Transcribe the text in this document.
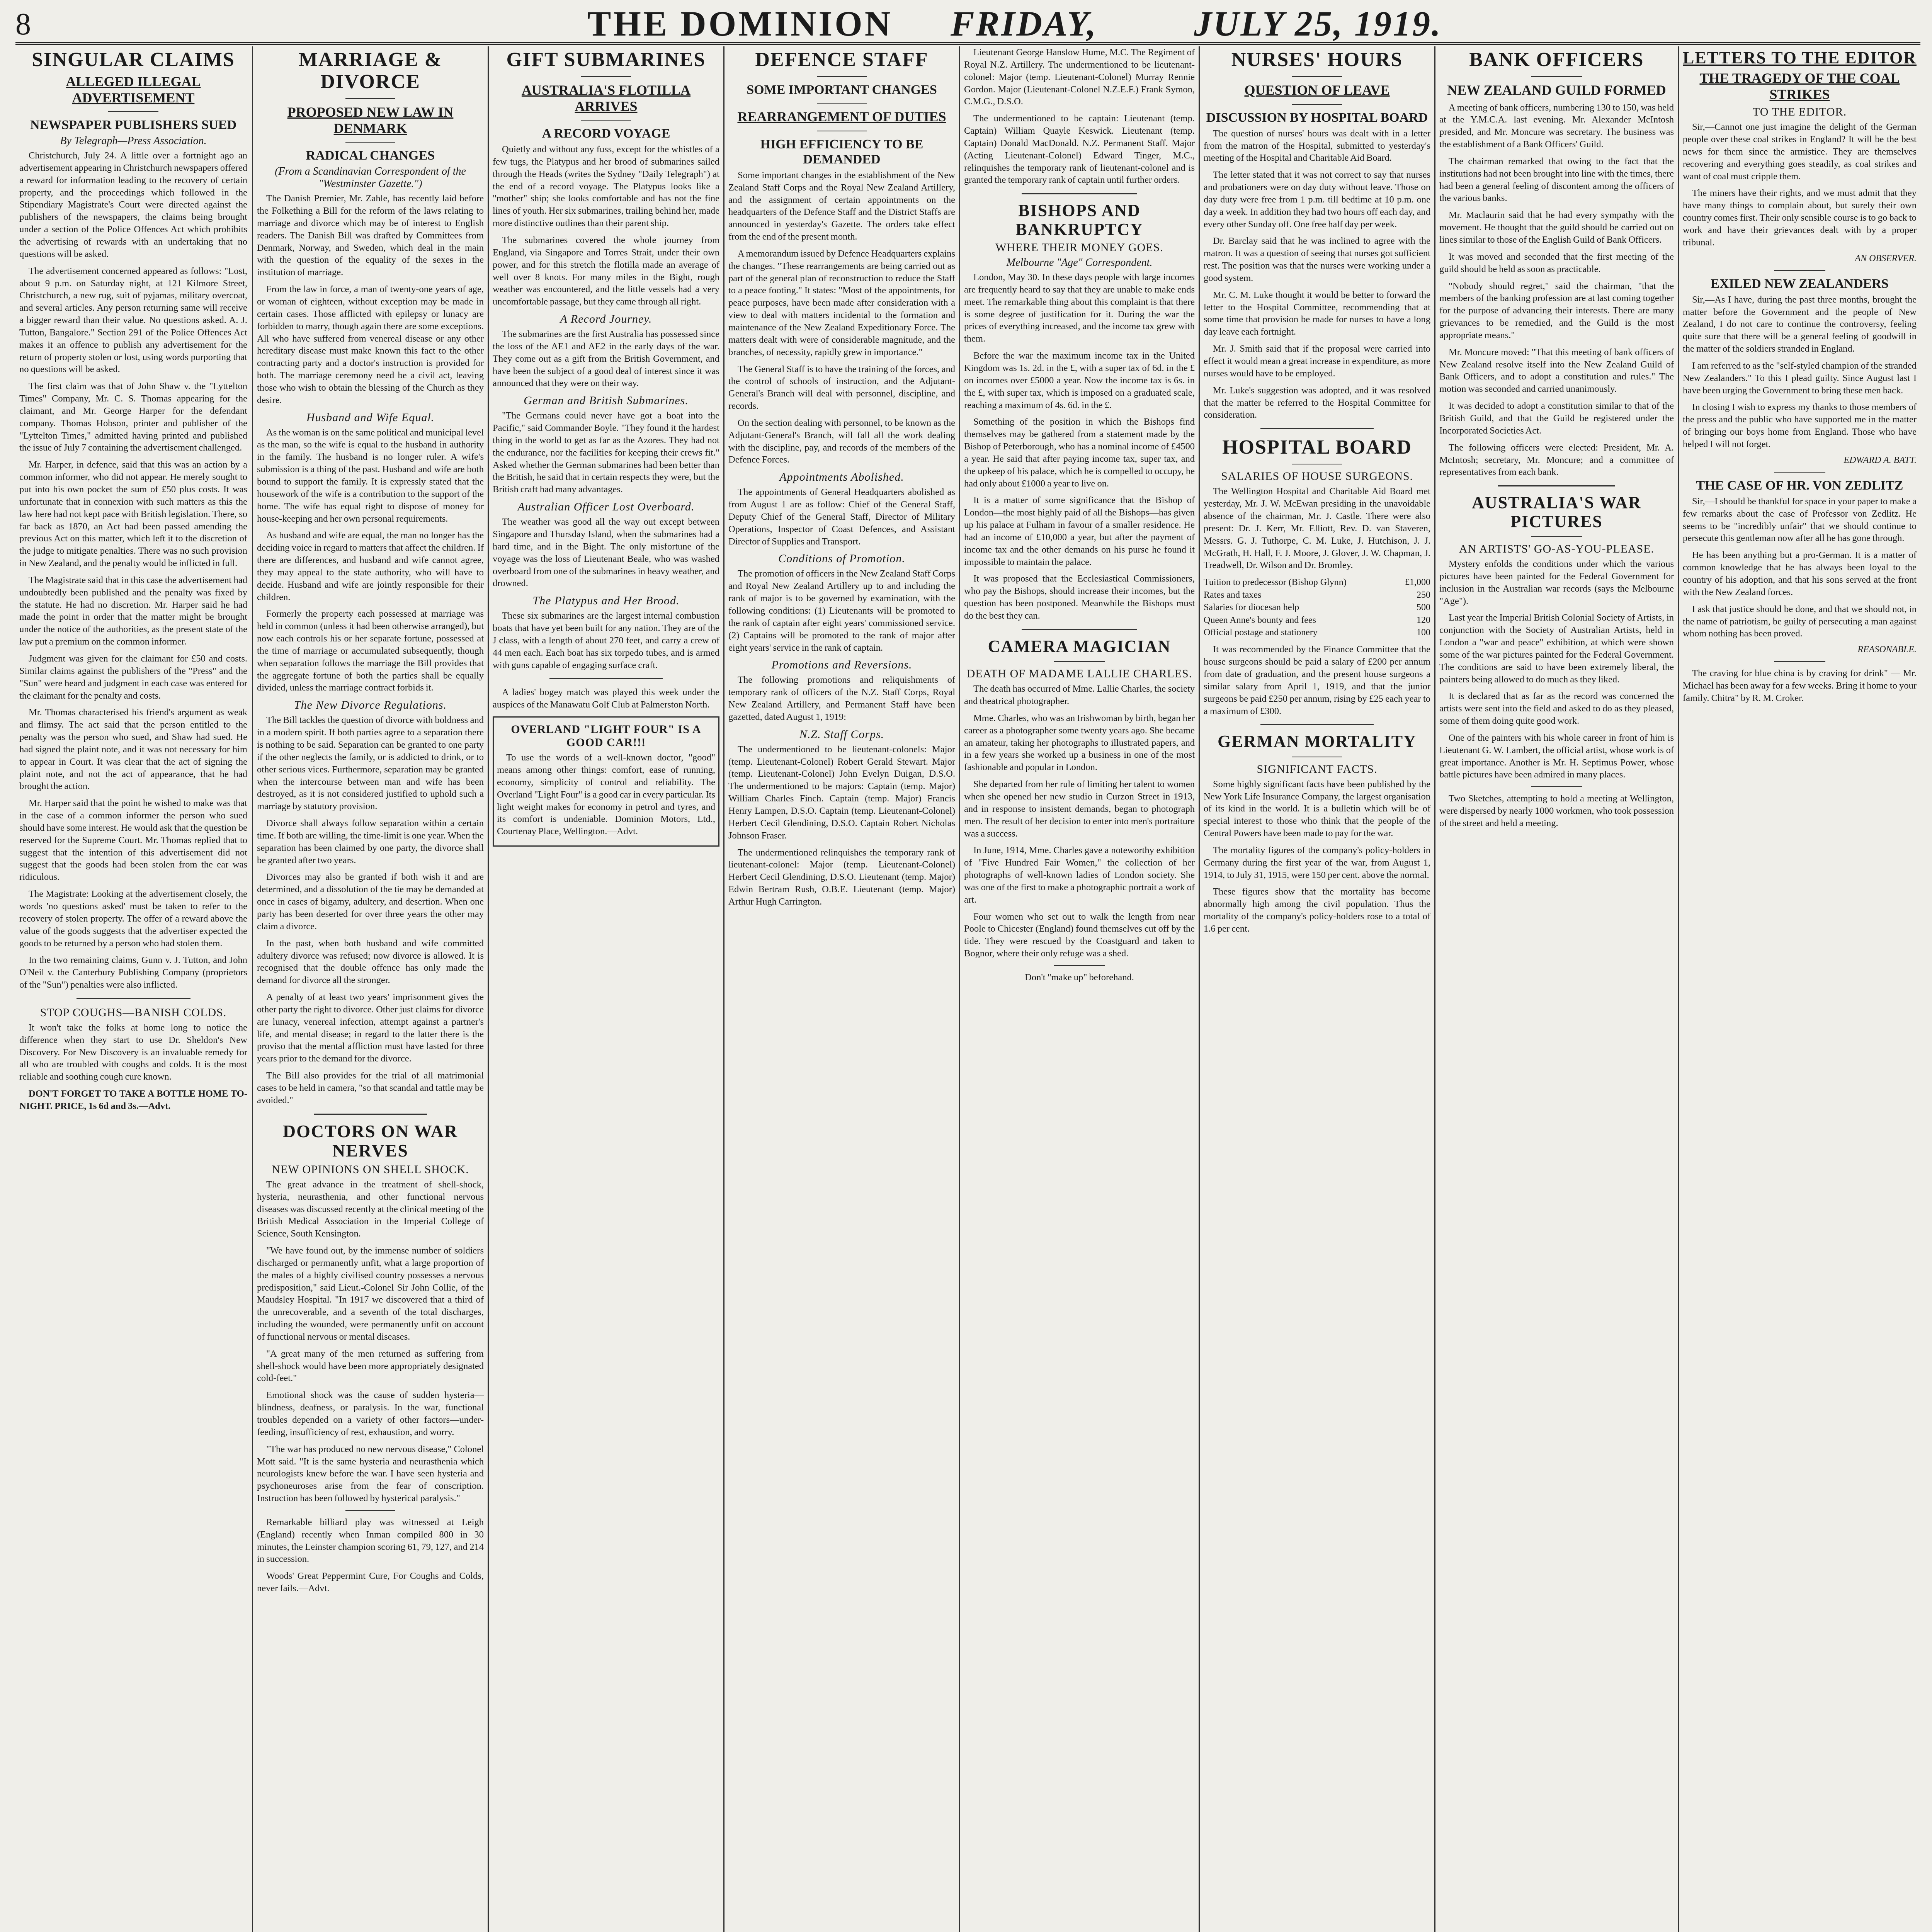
8	THE DOMINION FRIDAY,	JULY 25, 1919.
SINGULAR CLAIMS
ALLEGED ILLEGAL ADVERTISEMENT
NEWSPAPER PUBLISHERS SUED
By Telegraph—Press Association.

Christchurch, July 24. A little over a fortnight ago an advertisement appearing in Christchurch newspapers offered a reward for information leading to the recovery of certain property, and the proceedings which followed in the Stipendiary Magistrate's Court were directed against the publishers of the newspapers, the claims being brought under a section of the Police Offences Act which prohibits the advertising of rewards with an undertaking that no questions will be asked.

The advertisement concerned appeared as follows: "Lost, about 9 p.m. on Saturday night, at 121 Kilmore Street, Christchurch, a new rug, suit of pyjamas, military overcoat, and several articles. Any person returning same will receive a bigger reward than their value. No questions asked. A. J. Tutton, Bangalore." Section 291 of the Police Offences Act makes it an offence to publish any advertisement for the return of property stolen or lost, using words purporting that no questions will be asked.

The first claim was that of John Shaw v. the "Lyttelton Times" Company, Mr. C. S. Thomas appearing for the claimant, and Mr. George Harper for the defendant company. Thomas Hobson, printer and publisher of the "Lyttelton Times," admitted having printed and published the issue of July 7 containing the advertisement challenged.

Mr. Harper, in defence, said that this was an action by a common informer, who did not appear. He merely sought to put into his own pocket the sum of £50 plus costs. It was unfortunate that in connexion with such matters as this the law here had not kept pace with British legislation. There, so far back as 1870, an Act had been passed amending the previous Act on this matter, which left it to the discretion of the judge to mitigate penalties. There was no such provision in New Zealand, and the penalty would be inflicted in full.

The Magistrate said that in this case the advertisement had undoubtedly been published and the penalty was fixed by the statute. He had no discretion. Mr. Harper said he had made the point in order that the matter might be brought under the notice of the authorities, as the present state of the law put a premium on the common informer.

Judgment was given for the claimant for £50 and costs. Similar claims against the publishers of the "Press" and the "Sun" were heard and judgment in each case was entered for the claimant for the penalty and costs.

Mr. Thomas characterised his friend's argument as weak and flimsy. The act said that the person entitled to the penalty was the person who sued, and Shaw had sued. He had signed the plaint note, and it was not necessary for him to appear in Court. It was clear that the act of signing the plaint note, and not the act of appearance, that he had brought the action.

Mr. Harper said that the point he wished to make was that in the case of a common informer the person who sued should have some interest. He would ask that the question be reserved for the Supreme Court. Mr. Thomas replied that to suggest that the intention of this advertisement did not suggest that the goods had been stolen from the ear was ridiculous.

The Magistrate: Looking at the advertisement closely, the words 'no questions asked' must be taken to refer to the recovery of stolen property. The offer of a reward above the value of the goods suggests that the advertiser expected the goods to be returned by a person who had stolen them.

In the two remaining claims, Gunn v. J. Tutton, and John O'Neil v. the Canterbury Publishing Company (proprietors of the "Sun") penalties were also inflicted.

STOP COUGHS—BANISH COLDS.

It won't take the folks at home long to notice the difference when they start to use Dr. Sheldon's New Discovery. For New Discovery is an invaluable remedy for all who are troubled with coughs and colds. It is the most reliable and soothing cough cure known.

DON'T FORGET TO TAKE A BOTTLE HOME TO-NIGHT. PRICE, 1s 6d and 3s.—Advt.

MARRIAGE & DIVORCE
PROPOSED NEW LAW IN DENMARK
RADICAL CHANGES
(From a Scandinavian Correspondent of the "Westminster Gazette.")

The Danish Premier, Mr. Zahle, has recently laid before the Folkething a Bill for the reform of the laws relating to marriage and divorce which may be of interest to English readers. The Danish Bill was drafted by Committees from Denmark, Norway, and Sweden, which deal in the main with the question of the equality of the sexes in the institution of marriage.

From the law in force, a man of twenty-one years of age, or woman of eighteen, without exception may be made in certain cases. Those afflicted with epilepsy or lunacy are forbidden to marry, though again there are some exceptions. All who have suffered from venereal disease or any other hereditary disease must make known this fact to the other contracting party and a doctor's instruction is provided for both. The marriage ceremony need be a civil act, leaving those who wish to obtain the blessing of the Church as they desire.

Husband and Wife Equal.

As the woman is on the same political and municipal level as the man, so the wife is equal to the husband in authority in the family. The husband is no longer ruler. A wife's submission is a thing of the past. Husband and wife are both bound to support the family. It is expressly stated that the housework of the wife is a contribution to the support of the home. The wife has equal right to dispose of money for house-keeping and her own personal requirements.

As husband and wife are equal, the man no longer has the deciding voice in regard to matters that affect the children. If there are differences, and husband and wife cannot agree, they may appeal to the state authority, who will have to decide. Husband and wife are jointly responsible for their children.

Formerly the property each possessed at marriage was held in common (unless it had been otherwise arranged), but now each controls his or her separate fortune, possessed at the time of marriage or accumulated subsequently, though when separation follows the marriage the Bill provides that the aggregate fortune of both the parties shall be equally divided, unless the marriage contract forbids it.

The New Divorce Regulations.

The Bill tackles the question of divorce with boldness and in a modern spirit. If both parties agree to a separation there is nothing to be said. Separation can be granted to one party if the other neglects the family, or is addicted to drink, or to other serious vices. Furthermore, separation may be granted when the intercourse between man and wife has been destroyed, as it is not considered justified to uphold such a marriage by statutory provision.

Divorce shall always follow separation within a certain time. If both are willing, the time-limit is one year. When the separation has been claimed by one party, the divorce shall be granted after two years.

Divorces may also be granted if both wish it and are determined, and a dissolution of the tie may be demanded at once in cases of bigamy, adultery, and desertion. When one party has been deserted for over three years the other may claim a divorce.

In the past, when both husband and wife committed adultery divorce was refused; now divorce is allowed. It is recognised that the double offence has only made the demand for divorce all the stronger.

A penalty of at least two years' imprisonment gives the other party the right to divorce. Other just claims for divorce are lunacy, venereal infection, attempt against a partner's life, and mental disease; in regard to the latter there is the proviso that the mental affliction must have lasted for three years prior to the demand for the divorce.

The Bill also provides for the trial of all matrimonial cases to be held in camera, "so that scandal and tattle may be avoided."

DOCTORS ON WAR NERVES
NEW OPINIONS ON SHELL SHOCK.

The great advance in the treatment of shell-shock, hysteria, neurasthenia, and other functional nervous diseases was discussed recently at the clinical meeting of the British Medical Association in the Imperial College of Science, South Kensington.

"We have found out, by the immense number of soldiers discharged or permanently unfit, what a large proportion of the males of a highly civilised country possesses a nervous predisposition," said Lieut.-Colonel Sir John Collie, of the Maudsley Hospital. "In 1917 we discovered that a third of the unrecoverable, and a seventh of the total discharges, including the wounded, were permanently unfit on account of functional nervous or mental diseases.

"A great many of the men returned as suffering from shell-shock would have been more appropriately designated cold-feet."

Emotional shock was the cause of sudden hysteria—blindness, deafness, or paralysis. In the war, functional troubles depended on a variety of other factors—under-feeding, insufficiency of rest, exhaustion, and worry.

"The war has produced no new nervous disease," Colonel Mott said. "It is the same hysteria and neurasthenia which neurologists knew before the war. I have seen hysteria and psychoneuroses arise from the fear of conscription. Instruction has been followed by hysterical paralysis."

Remarkable billiard play was witnessed at Leigh (England) recently when Inman compiled 800 in 30 minutes, the Leinster champion scoring 61, 79, 127, and 214 in succession.

Woods' Great Peppermint Cure, For Coughs and Colds, never fails.—Advt.

GIFT SUBMARINES
AUSTRALIA'S FLOTILLA ARRIVES
A RECORD VOYAGE

Quietly and without any fuss, except for the whistles of a few tugs, the Platypus and her brood of submarines sailed through the Heads (writes the Sydney "Daily Telegraph") at the end of a record voyage. The Platypus looks like a "mother" ship; she looks comfortable and has not the fine lines of youth. Her six submarines, trailing behind her, made more distinctive outlines than their parent ship.

The submarines covered the whole journey from England, via Singapore and Torres Strait, under their own power, and for this stretch the flotilla made an average of well over 8 knots. For many miles in the Bight, rough weather was encountered, and the little vessels had a very uncomfortable passage, but they came through all right.

A Record Journey.

The submarines are the first Australia has possessed since the loss of the AE1 and AE2 in the early days of the war. They come out as a gift from the British Government, and have been the subject of a good deal of interest since it was announced that they were on their way.

German and British Submarines.

"The Germans could never have got a boat into the Pacific," said Commander Boyle. "They found it the hardest thing in the world to get as far as the Azores. They had not the endurance, nor the facilities for keeping their crews fit." Asked whether the German submarines had been better than the British, he said that in certain respects they were, but the British craft had many advantages.

Australian Officer Lost Overboard.

The weather was good all the way out except between Singapore and Thursday Island, when the submarines had a hard time, and in the Bight. The only misfortune of the voyage was the loss of Lieutenant Beale, who was washed overboard from one of the submarines in heavy weather, and drowned.

The Platypus and Her Brood.

These six submarines are the largest internal combustion boats that have yet been built for any nation. They are of the J class, with a length of about 270 feet, and carry a crew of 44 men each. Each boat has six torpedo tubes, and is armed with guns capable of engaging surface craft.

A ladies' bogey match was played this week under the auspices of the Manawatu Golf Club at Palmerston North.

OVERLAND "LIGHT FOUR" IS A GOOD CAR!!!

To use the words of a well-known doctor, "good" means among other things: comfort, ease of running, economy, simplicity of control and reliability. The Overland "Light Four" is a good car in every particular. Its light weight makes for economy in petrol and tyres, and its comfort is undeniable. Dominion Motors, Ltd., Courtenay Place, Wellington.—Advt.

DEFENCE STAFF
SOME IMPORTANT CHANGES
REARRANGEMENT OF DUTIES
HIGH EFFICIENCY TO BE DEMANDED

Some important changes in the establishment of the New Zealand Staff Corps and the Royal New Zealand Artillery, and the assignment of certain appointments on the headquarters of the Defence Staff and the District Staffs are announced in yesterday's Gazette. The orders take effect from the end of the present month.

A memorandum issued by Defence Headquarters explains the changes. "These rearrangements are being carried out as part of the general plan of reconstruction to reduce the Staff to a peace footing." It states: "Most of the appointments, for peace purposes, have been made after consideration with a view to deal with matters incidental to the formation and maintenance of the New Zealand Expeditionary Force. The matters dealt with were of considerable magnitude, and the branches, of necessity, rapidly grew in importance."

The General Staff is to have the training of the forces, and the control of schools of instruction, and the Adjutant-General's Branch will deal with personnel, discipline, and records.

On the section dealing with personnel, to be known as the Adjutant-General's Branch, will fall all the work dealing with the discipline, pay, and records of the members of the Defence Forces.

Appointments Abolished.

The appointments of General Headquarters abolished as from August 1 are as follow: Chief of the General Staff, Deputy Chief of the General Staff, Director of Military Operations, Inspector of Coast Defences, and Assistant Director of Supplies and Transport.

Conditions of Promotion.

The promotion of officers in the New Zealand Staff Corps and Royal New Zealand Artillery up to and including the rank of major is to be governed by examination, with the following conditions: (1) Lieutenants will be promoted to the rank of captain after eight years' commissioned service. (2) Captains will be promoted to the rank of major after eight years' service in the rank of captain.

Promotions and Reversions.

The following promotions and reliquishments of temporary rank of officers of the N.Z. Staff Corps, Royal New Zealand Artillery, and Permanent Staff have been gazetted, dated August 1, 1919:

N.Z. Staff Corps.

The undermentioned to be lieutenant-colonels: Major (temp. Lieutenant-Colonel) Robert Gerald Stewart. Major (temp. Lieutenant-Colonel) John Evelyn Duigan, D.S.O. The undermentioned to be majors: Captain (temp. Major) William Charles Finch. Captain (temp. Major) Francis Henry Lampen, D.S.O. Captain (temp. Lieutenant-Colonel) Herbert Cecil Glendining, D.S.O. Captain Robert Nicholas Johnson Fraser.

The undermentioned relinquishes the temporary rank of lieutenant-colonel: Major (temp. Lieutenant-Colonel) Herbert Cecil Glendining, D.S.O. Lieutenant (temp. Major) Edwin Bertram Rush, O.B.E. Lieutenant (temp. Major) Arthur Hugh Carrington.

Lieutenant George Hanslow Hume, M.C. The Regiment of Royal N.Z. Artillery. The undermentioned to be lieutenant-colonel: Major (temp. Lieutenant-Colonel) Murray Rennie Gordon. Major (Lieutenant-Colonel N.Z.E.F.) Frank Symon, C.M.G., D.S.O.

The undermentioned to be captain: Lieutenant (temp. Captain) William Quayle Keswick. Lieutenant (temp. Captain) Donald MacDonald. N.Z. Permanent Staff. Major (Acting Lieutenant-Colonel) Edward Tinger, M.C., relinquishes the temporary rank of lieutenant-colonel and is granted the temporary rank of captain until further orders.

BISHOPS AND BANKRUPTCY
WHERE THEIR MONEY GOES.
Melbourne "Age" Correspondent.

London, May 30. In these days people with large incomes are frequently heard to say that they are unable to make ends meet. The remarkable thing about this complaint is that there is some degree of justification for it. During the war the prices of everything increased, and the income tax grew with them.

Before the war the maximum income tax in the United Kingdom was 1s. 2d. in the £, with a super tax of 6d. in the £ on incomes over £5000 a year. Now the income tax is 6s. in the £, with super tax, which is imposed on a graduated scale, reaching a maximum of 4s. 6d. in the £.

Something of the position in which the Bishops find themselves may be gathered from a statement made by the Bishop of Peterborough, who has a nominal income of £4500 a year. He said that after paying income tax, super tax, and the upkeep of his palace, which he is compelled to occupy, he had only about £1000 a year to live on.

It is a matter of some significance that the Bishop of London—the most highly paid of all the Bishops—has given up his palace at Fulham in favour of a smaller residence. He had an income of £10,000 a year, but after the payment of income tax and the other demands on his purse he found it impossible to maintain the palace.

It was proposed that the Ecclesiastical Commissioners, who pay the Bishops, should increase their incomes, but the question has been postponed. Meanwhile the Bishops must do the best they can.

CAMERA MAGICIAN
DEATH OF MADAME LALLIE CHARLES.

The death has occurred of Mme. Lallie Charles, the society and theatrical photographer.

Mme. Charles, who was an Irishwoman by birth, began her career as a photographer some twenty years ago. She became an amateur, taking her photographs to illustrated papers, and in a few years she worked up a business in one of the most fashionable and popular in London.

She departed from her rule of limiting her talent to women when she opened her new studio in Curzon Street in 1913, and in response to insistent demands, began to photograph men. The result of her decision to enter into men's portraiture was a success.

In June, 1914, Mme. Charles gave a noteworthy exhibition of "Five Hundred Fair Women," the collection of her photographs of well-known ladies of London society. She was one of the first to make a photographic portrait a work of art.

Four women who set out to walk the length from near Poole to Chicester (England) found themselves cut off by the tide. They were rescued by the Coastguard and taken to Bognor, where their only refuge was a shed.

Don't "make up" beforehand.

NURSES' HOURS
QUESTION OF LEAVE
DISCUSSION BY HOSPITAL BOARD

The question of nurses' hours was dealt with in a letter from the matron of the Hospital, submitted to yesterday's meeting of the Hospital and Charitable Aid Board.

The letter stated that it was not correct to say that nurses and probationers were on day duty without leave. Those on day duty were free from 1 p.m. till bedtime at 10 p.m. one day a week. In addition they had two hours off each day, and every other Sunday off. One free half day per week.

Dr. Barclay said that he was inclined to agree with the matron. It was a question of seeing that nurses got sufficient rest. The position was that the nurses were working under a good system.

Mr. C. M. Luke thought it would be better to forward the letter to the Hospital Committee, recommending that at some time that provision be made for nurses to have a long day leave each fortnight.

Mr. J. Smith said that if the proposal were carried into effect it would mean a great increase in expenditure, as more nurses would have to be employed.

Mr. Luke's suggestion was adopted, and it was resolved that the matter be referred to the Hospital Committee for consideration.

HOSPITAL BOARD
SALARIES OF HOUSE SURGEONS.

The Wellington Hospital and Charitable Aid Board met yesterday, Mr. J. W. McEwan presiding in the unavoidable absence of the chairman, Mr. J. Castle. There were also present: Dr. J. Kerr, Mr. Elliott, Rev. D. van Staveren, Messrs. G. J. Tuthorpe, C. M. Luke, J. Hutchison, J. J. McGrath, H. Hall, F. J. Moore, J. Glover, J. W. Chapman, J. Treadwell, Dr. Wilson and Dr. Bromley.

Tuition to predecessor (Bishop Glynn)	£1,000
Rates and taxes	250
Salaries for diocesan help	500
Queen Anne's bounty and fees	120
Official postage and stationery	100

It was recommended by the Finance Committee that the house surgeons should be paid a salary of £200 per annum from date of graduation, and the present house surgeons a similar salary from April 1, 1919, and that the junior surgeons be paid £250 per annum, rising by £25 each year to a maximum of £300.

GERMAN MORTALITY
SIGNIFICANT FACTS.

Some highly significant facts have been published by the New York Life Insurance Company, the largest organisation of its kind in the world. It is a bulletin which will be of special interest to those who think that the people of the Central Powers have been made to pay for the war.

The mortality figures of the company's policy-holders in Germany during the first year of the war, from August 1, 1914, to July 31, 1915, were 150 per cent. above the normal.

These figures show that the mortality has become abnormally high among the civil population. Thus the mortality of the company's policy-holders rose to a total of 1.6 per cent.

BANK OFFICERS
NEW ZEALAND GUILD FORMED

A meeting of bank officers, numbering 130 to 150, was held at the Y.M.C.A. last evening. Mr. Alexander McIntosh presided, and Mr. Moncure was secretary. The business was the establishment of a Bank Officers' Guild.

The chairman remarked that owing to the fact that the institutions had not been brought into line with the times, there had been a general feeling of discontent among the officers of the various banks.

Mr. Maclaurin said that he had every sympathy with the movement. He thought that the guild should be carried out on lines similar to those of the English Guild of Bank Officers.

It was moved and seconded that the first meeting of the guild should be held as soon as practicable.

"Nobody should regret," said the chairman, "that the members of the banking profession are at last coming together for the purpose of advancing their interests. There are many grievances to be remedied, and the Guild is the most appropriate means."

Mr. Moncure moved: "That this meeting of bank officers of New Zealand resolve itself into the New Zealand Guild of Bank Officers, and to adopt a constitution and rules." The motion was seconded and carried unanimously.

It was decided to adopt a constitution similar to that of the British Guild, and that the Guild be registered under the Incorporated Societies Act.

The following officers were elected: President, Mr. A. McIntosh; secretary, Mr. Moncure; and a committee of representatives from each bank.

AUSTRALIA'S WAR PICTURES
AN ARTISTS' GO-AS-YOU-PLEASE.

Mystery enfolds the conditions under which the various pictures have been painted for the Federal Government for inclusion in the Australian war records (says the Melbourne "Age").

Last year the Imperial British Colonial Society of Artists, in conjunction with the Society of Australian Artists, held in London a "war and peace" exhibition, at which were shown some of the war pictures painted for the Federal Government. The conditions are said to have been extremely liberal, the painters being allowed to do much as they liked.

It is declared that as far as the record was concerned the artists were sent into the field and asked to do as they pleased, some of them doing quite good work.

One of the painters with his whole career in front of him is Lieutenant G. W. Lambert, the official artist, whose work is of great importance. Another is Mr. H. Septimus Power, whose battle pictures have been admired in many places.

Two Sketches, attempting to hold a meeting at Wellington, were dispersed by nearly 1000 workmen, who took possession of the street and held a meeting.

LETTERS TO THE EDITOR
THE TRAGEDY OF THE COAL STRIKES
TO THE EDITOR.

Sir,—Cannot one just imagine the delight of the German people over these coal strikes in England? It will be the best news for them since the armistice. They are themselves recovering and everything goes steadily, as coal strikes and want of coal must cripple them.

The miners have their rights, and we must admit that they have many things to complain about, but surely their own country comes first. Their only sensible course is to go back to work and have their grievances dealt with by a proper tribunal.

AN OBSERVER.
EXILED NEW ZEALANDERS

Sir,—As I have, during the past three months, brought the matter before the Government and the people of New Zealand, I do not care to continue the controversy, feeling quite sure that there will be a general feeling of goodwill in the matter of the soldiers stranded in England.

I am referred to as the "self-styled champion of the stranded New Zealanders." To this I plead guilty. Since August last I have been urging the Government to bring these men back.

In closing I wish to express my thanks to those members of the press and the public who have supported me in the matter of bringing our boys home from England. Those who have helped I will not forget.

EDWARD A. BATT.
THE CASE OF HR. VON ZEDLITZ

Sir,—I should be thankful for space in your paper to make a few remarks about the case of Professor von Zedlitz. He seems to be "incredibly unfair" that we should continue to persecute this gentleman now after all he has gone through.

He has been anything but a pro-German. It is a matter of common knowledge that he has always been loyal to the country of his adoption, and that his sons served at the front with the New Zealand forces.

I ask that justice should be done, and that we should not, in the name of patriotism, be guilty of persecuting a man against whom nothing has been proved.

REASONABLE.

The craving for blue china is by craving for drink" — Mr. Michael has been away for a few weeks. Bring it home to your family. Chitra" by R. M. Croker.
